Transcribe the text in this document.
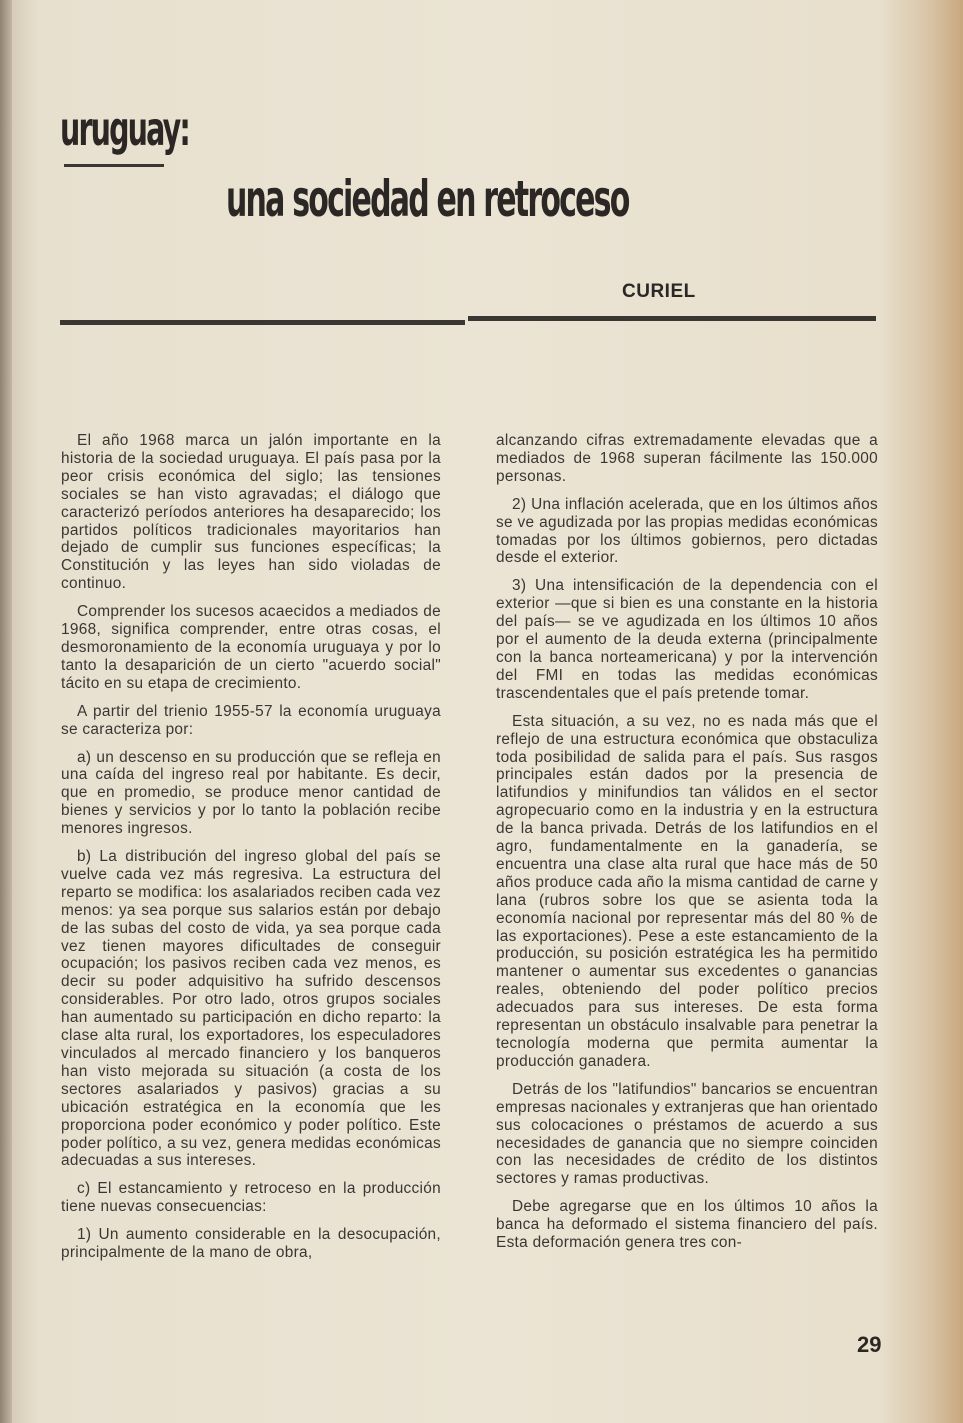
uruguay:
una sociedad en retroceso
CURIEL

El año 1968 marca un jalón importante en la historia de la sociedad uruguaya. El país pasa por la peor crisis económica del siglo; las tensiones sociales se han visto agravadas; el diálogo que caracterizó períodos anteriores ha desaparecido; los partidos políticos tradicionales mayoritarios han dejado de cumplir sus funciones específicas; la Constitución y las leyes han sido violadas de continuo.

Comprender los sucesos acaecidos a mediados de 1968, significa comprender, entre otras cosas, el desmoronamiento de la economía uruguaya y por lo tanto la desaparición de un cierto "acuerdo social" tácito en su etapa de crecimiento.

A partir del trienio 1955-57 la economía uruguaya se caracteriza por:

a) un descenso en su producción que se refleja en una caída del ingreso real por habitante. Es decir, que en promedio, se produce menor cantidad de bienes y servicios y por lo tanto la población recibe menores ingresos.

b) La distribución del ingreso global del país se vuelve cada vez más regresiva. La estructura del reparto se modifica: los asalariados reciben cada vez menos: ya sea porque sus salarios están por debajo de las subas del costo de vida, ya sea porque cada vez tienen mayores dificultades de conseguir ocupación; los pasivos reciben cada vez menos, es decir su poder adquisitivo ha sufrido descensos considerables. Por otro lado, otros grupos sociales han aumentado su participación en dicho reparto: la clase alta rural, los exportadores, los especuladores vinculados al mercado financiero y los banqueros han visto mejorada su situación (a costa de los sectores asalariados y pasivos) gracias a su ubicación estratégica en la economía que les proporciona poder económico y poder político. Este poder político, a su vez, genera medidas económicas adecuadas a sus intereses.

c) El estancamiento y retroceso en la producción tiene nuevas consecuencias:

1) Un aumento considerable en la desocupación, principalmente de la mano de obra,

alcanzando cifras extremadamente elevadas que a mediados de 1968 superan fácilmente las 150.000 personas.

2) Una inflación acelerada, que en los últimos años se ve agudizada por las propias medidas económicas tomadas por los últimos gobiernos, pero dictadas desde el exterior.

3) Una intensificación de la dependencia con el exterior —que si bien es una constante en la historia del país— se ve agudizada en los últimos 10 años por el aumento de la deuda externa (principalmente con la banca norteamericana) y por la intervención del FMI en todas las medidas económicas trascendentales que el país pretende tomar.

Esta situación, a su vez, no es nada más que el reflejo de una estructura económica que obstaculiza toda posibilidad de salida para el país. Sus rasgos principales están dados por la presencia de latifundios y minifundios tan válidos en el sector agropecuario como en la industria y en la estructura de la banca privada. Detrás de los latifundios en el agro, fundamentalmente en la ganadería, se encuentra una clase alta rural que hace más de 50 años produce cada año la misma cantidad de carne y lana (rubros sobre los que se asienta toda la economía nacional por representar más del 80 % de las exportaciones). Pese a este estancamiento de la producción, su posición estratégica les ha permitido mantener o aumentar sus excedentes o ganancias reales, obteniendo del poder político precios adecuados para sus intereses. De esta forma representan un obstáculo insalvable para penetrar la tecnología moderna que permita aumentar la producción ganadera.

Detrás de los "latifundios" bancarios se encuentran empresas nacionales y extranjeras que han orientado sus colocaciones o préstamos de acuerdo a sus necesidades de ganancia que no siempre coinciden con las necesidades de crédito de los distintos sectores y ramas productivas.

Debe agregarse que en los últimos 10 años la banca ha deformado el sistema financiero del país. Esta deformación genera tres con-

29
